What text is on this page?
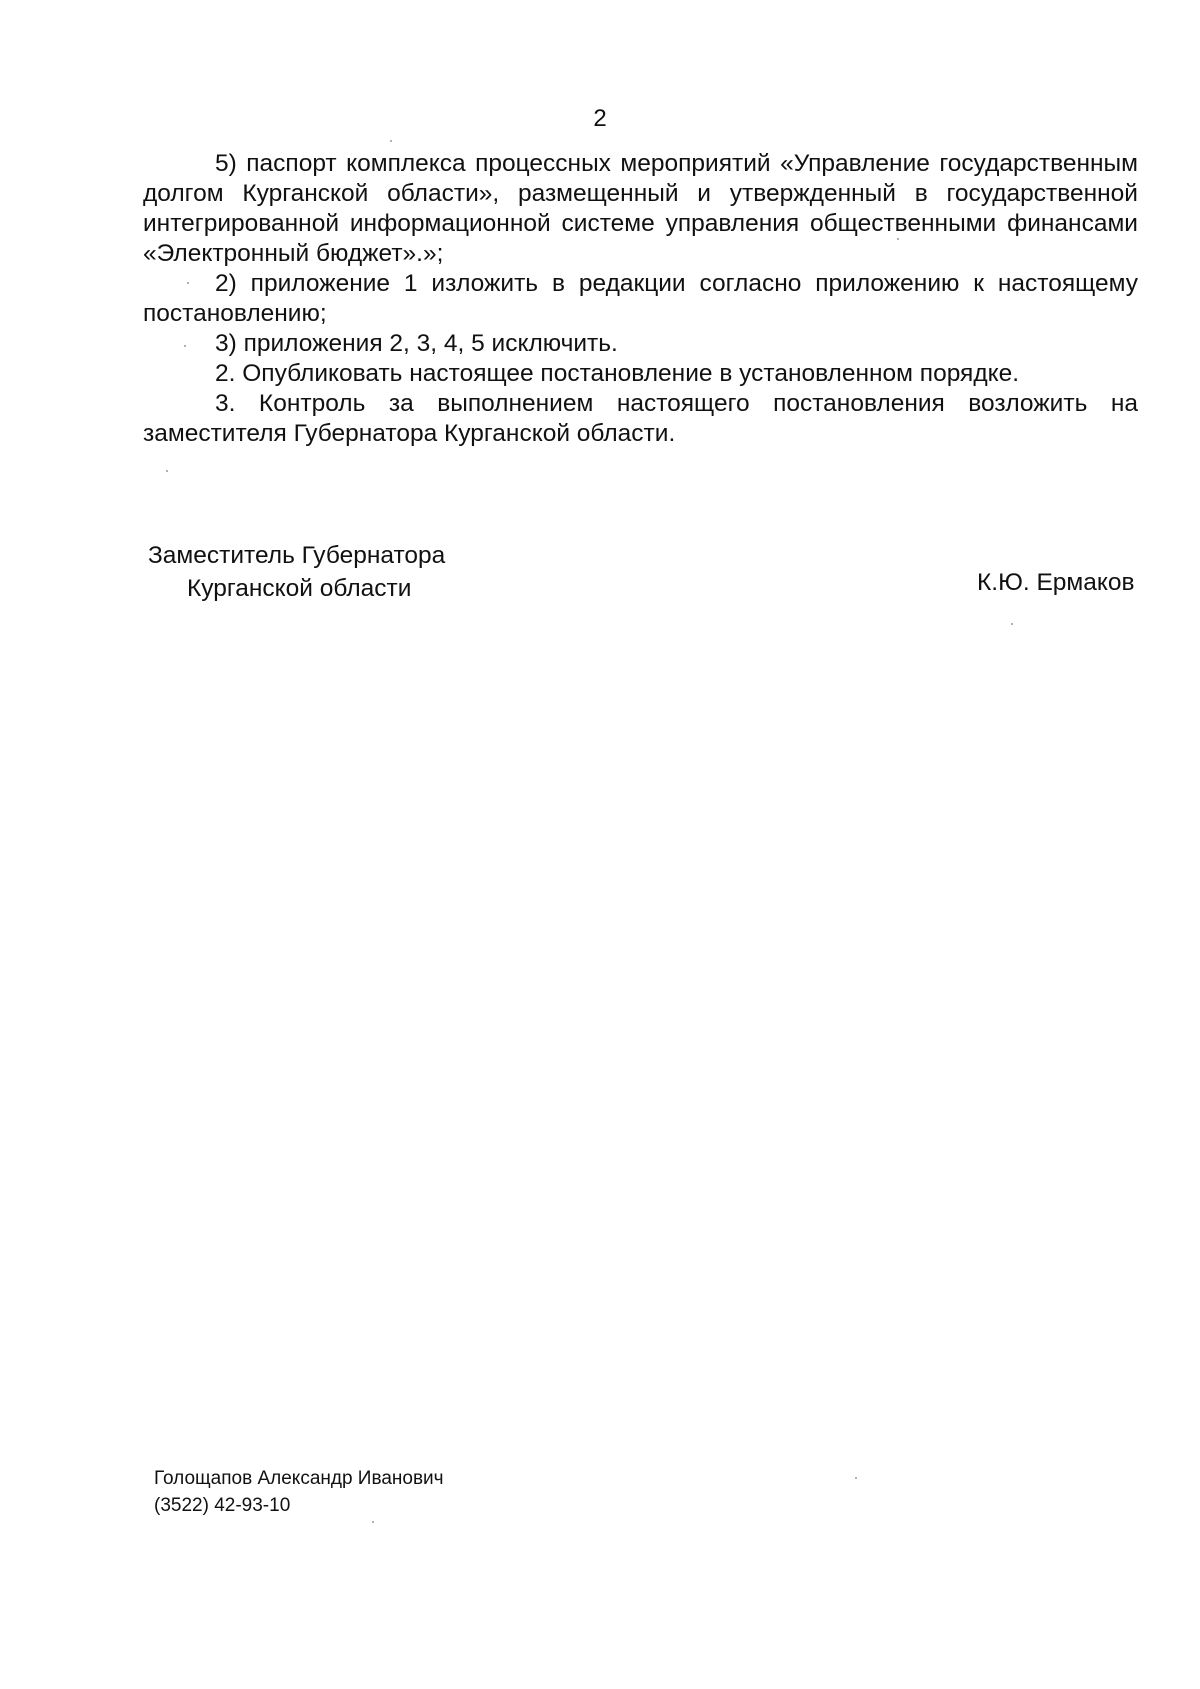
2

5) паспорт комплекса процессных мероприятий «Управление государственным долгом Курганской области», размещенный и утвержденный в государственной интегрированной информационной системе управления общественными финансами «Электронный бюджет».»;

2) приложение 1 изложить в редакции согласно приложению к настоящему постановлению;

3) приложения 2, 3, 4, 5 исключить.

2. Опубликовать настоящее постановление в установленном порядке.

3. Контроль за выполнением настоящего постановления возложить на заместителя Губернатора Курганской области.

Заместитель Губернатора
Курганской области	К.Ю. Ермаков
Голощапов Александр Иванович
(3522) 42-93-10
